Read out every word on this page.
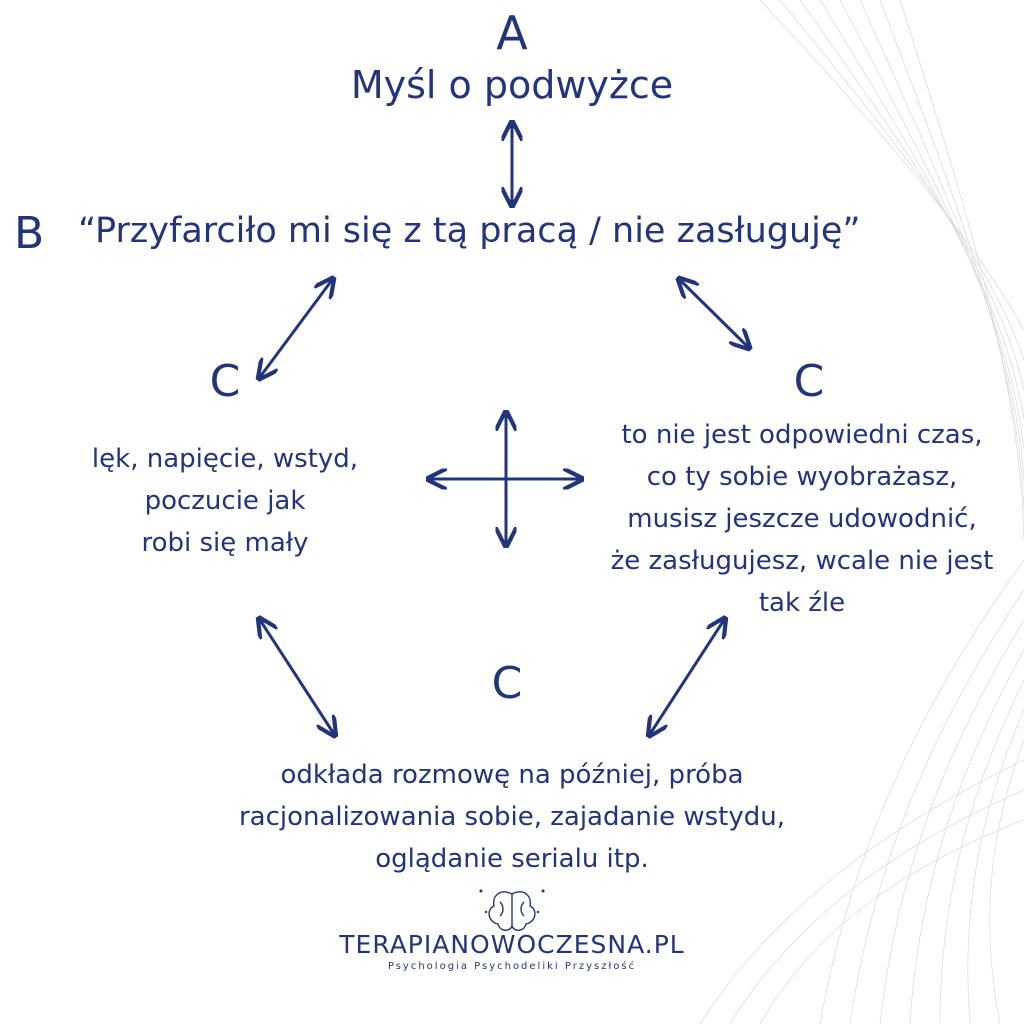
A
Myśl o podwyżce
B “Przyfarciło mi się z tą pracą / nie zasługuję”
C
lęk, napięcie, wstyd,
poczucie jak
robi się mały
C
to nie jest odpowiedni czas,
co ty sobie wyobrażasz,
musisz jeszcze udowodnić,
że zasługujesz, wcale nie jest
tak źle
C
odkłada rozmowę na później, próba
racjonalizowania sobie, zajadanie wstydu,
oglądanie serialu itp.
TERAPIANOWOCZESNA.PL
Psychologia Psychodeliki Przyszłość
